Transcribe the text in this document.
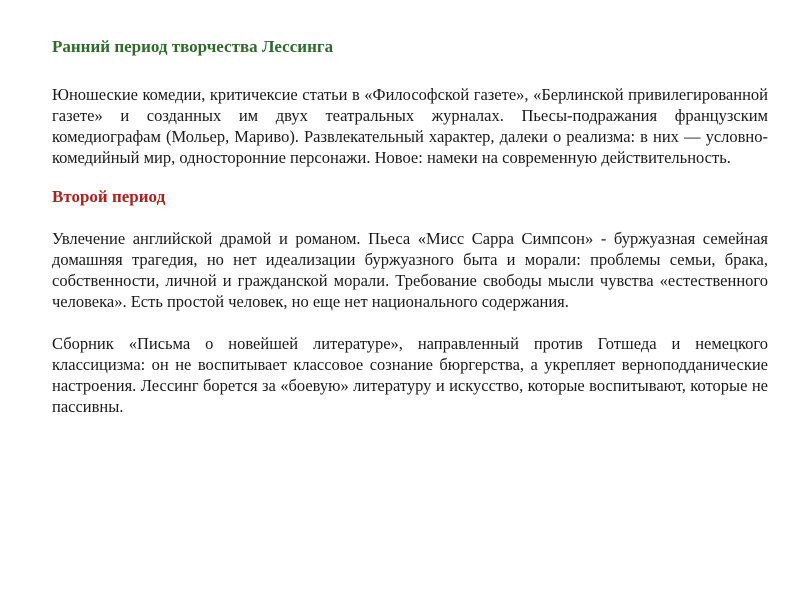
Ранний период творчества Лессинга

Юношеские комедии, критичексие статьи в «Философской газете», «Берлинской привилегированной газете» и созданных им двух театральных журналах. Пьесы-подражания французским комедиографам (Мольер, Мариво). Развлекательный характер, далеки о реализма: в них — условно-комедийный мир, односторонние персонажи. Новое: намеки на современную действительность.

Второй период

Увлечение английской драмой и романом. Пьеса «Мисс Сарра Симпсон» - буржуазная семейная домашняя трагедия, но нет идеализации буржуазного быта и морали: проблемы семьи, брака, собственности, личной и гражданской морали. Требование свободы мысли чувства «естественного человека». Есть простой человек, но еще нет национального содержания.

Сборник «Письма о новейшей литературе», направленный против Готшеда и немецкого классицизма: он не воспитывает классовое сознание бюргерства, а укрепляет верноподданические настроения. Лессинг борется за «боевую» литературу и искусство, которые воспитывают, которые не пассивны.
